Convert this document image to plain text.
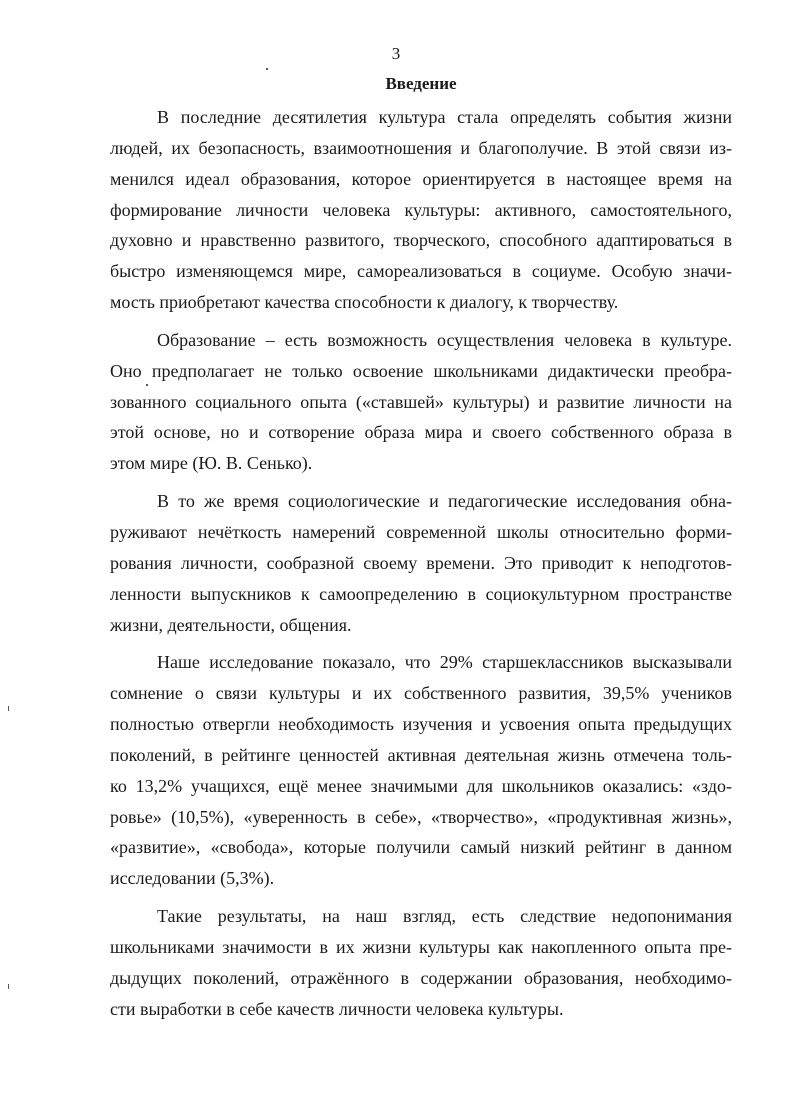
3
Введение

В последние десятилетия культура стала определять события жизни
людей, их безопасность, взаимоотношения и благополучие. В этой связи из-
менился идеал образования, которое ориентируется в настоящее время на
формирование личности человека культуры: активного, самостоятельного,
духовно и нравственно развитого, творческого, способного адаптироваться в
быстро изменяющемся мире, самореализоваться в социуме. Особую значи-
мость приобретают качества способности к диалогу, к творчеству.

Образование – есть возможность осуществления человека в культуре.
Оно предполагает не только освоение школьниками дидактически преобра-
зованного социального опыта («ставшей» культуры) и развитие личности на
этой основе, но и сотворение образа мира и своего собственного образа в
этом мире (Ю. В. Сенько).

В то же время социологические и педагогические исследования обна-
руживают нечёткость намерений современной школы относительно форми-
рования личности, сообразной своему времени. Это приводит к неподготов-
ленности выпускников к самоопределению в социокультурном пространстве
жизни, деятельности, общения.

Наше исследование показало, что 29% старшеклассников высказывали
сомнение о связи культуры и их собственного развития, 39,5% учеников
полностью отвергли необходимость изучения и усвоения опыта предыдущих
поколений, в рейтинге ценностей активная деятельная жизнь отмечена толь-
ко 13,2% учащихся, ещё менее значимыми для школьников оказались: «здо-
ровье» (10,5%), «уверенность в себе», «творчество», «продуктивная жизнь»,
«развитие», «свобода», которые получили самый низкий рейтинг в данном
исследовании (5,3%).

Такие результаты, на наш взгляд, есть следствие недопонимания
школьниками значимости в их жизни культуры как накопленного опыта пре-
дыдущих поколений, отражённого в содержании образования, необходимо-
сти выработки в себе качеств личности человека культуры.
